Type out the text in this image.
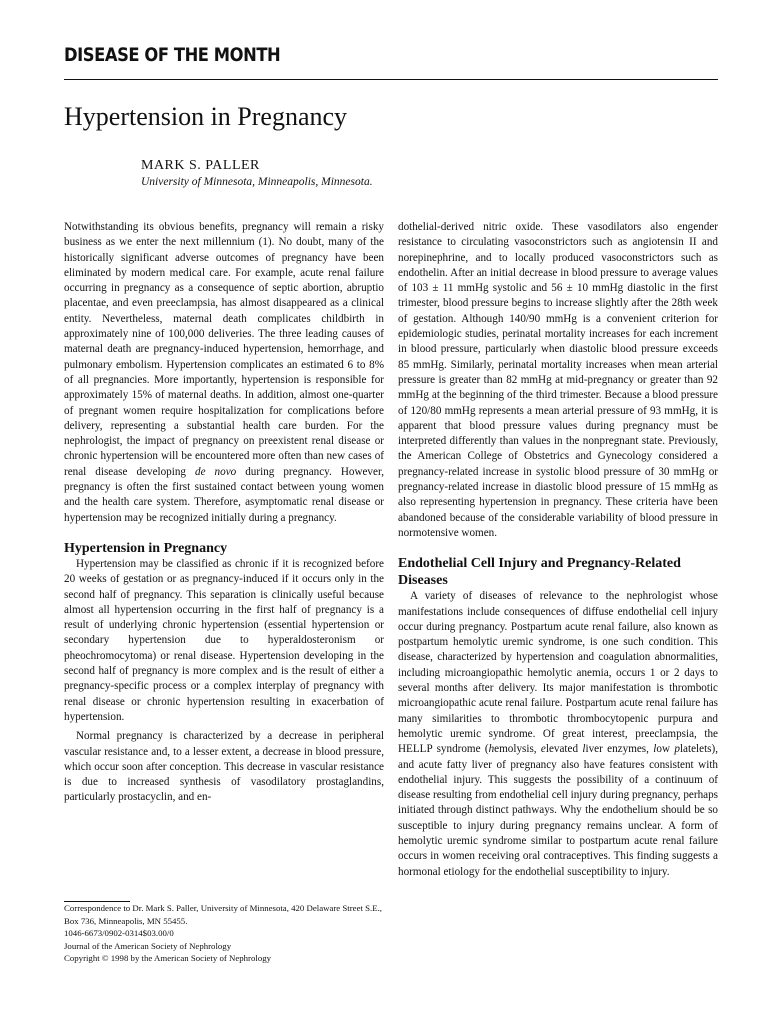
DISEASE OF THE MONTH
Hypertension in Pregnancy
MARK S. PALLER
University of Minnesota, Minneapolis, Minnesota.

Notwithstanding its obvious benefits, pregnancy will remain a risky business as we enter the next millennium (1). No doubt, many of the historically significant adverse outcomes of pregnancy have been eliminated by modern medical care. For example, acute renal failure occurring in pregnancy as a consequence of septic abortion, abruptio placentae, and even preeclampsia, has almost disappeared as a clinical entity. Nevertheless, maternal death complicates childbirth in approximately nine of 100,000 deliveries. The three leading causes of maternal death are pregnancy-induced hypertension, hemorrhage, and pulmonary embolism. Hypertension complicates an estimated 6 to 8% of all pregnancies. More importantly, hypertension is responsible for approximately 15% of maternal deaths. In addition, almost one-quarter of pregnant women require hospitalization for complications before delivery, representing a substantial health care burden. For the nephrologist, the impact of pregnancy on preexistent renal disease or chronic hypertension will be encountered more often than new cases of renal disease developing de novo during pregnancy. However, pregnancy is often the first sustained contact between young women and the health care system. Therefore, asymptomatic renal disease or hypertension may be recognized initially during a pregnancy.

Hypertension in Pregnancy

Hypertension may be classified as chronic if it is recognized before 20 weeks of gestation or as pregnancy-induced if it occurs only in the second half of pregnancy. This separation is clinically useful because almost all hypertension occurring in the first half of pregnancy is a result of underlying chronic hypertension (essential hypertension or secondary hypertension due to hyperaldosteronism or pheochromocytoma) or renal disease. Hypertension developing in the second half of pregnancy is more complex and is the result of either a pregnancy-specific process or a complex interplay of pregnancy with renal disease or chronic hypertension resulting in exacerbation of hypertension.

Normal pregnancy is characterized by a decrease in peripheral vascular resistance and, to a lesser extent, a decrease in blood pressure, which occur soon after conception. This decrease in vascular resistance is due to increased synthesis of vasodilatory prostaglandins, particularly prostacyclin, and en-

Correspondence to Dr. Mark S. Paller, University of Minnesota, 420 Delaware Street S.E., Box 736, Minneapolis, MN 55455.
1046-6673/0902-0314$03.00/0
Journal of the American Society of Nephrology
Copyright © 1998 by the American Society of Nephrology

dothelial-derived nitric oxide. These vasodilators also engender resistance to circulating vasoconstrictors such as angiotensin II and norepinephrine, and to locally produced vasoconstrictors such as endothelin. After an initial decrease in blood pressure to average values of 103 ± 11 mmHg systolic and 56 ± 10 mmHg diastolic in the first trimester, blood pressure begins to increase slightly after the 28th week of gestation. Although 140/90 mmHg is a convenient criterion for epidemiologic studies, perinatal mortality increases for each increment in blood pressure, particularly when diastolic blood pressure exceeds 85 mmHg. Similarly, perinatal mortality increases when mean arterial pressure is greater than 82 mmHg at mid-pregnancy or greater than 92 mmHg at the beginning of the third trimester. Because a blood pressure of 120/80 mmHg represents a mean arterial pressure of 93 mmHg, it is apparent that blood pressure values during pregnancy must be interpreted differently than values in the nonpregnant state. Previously, the American College of Obstetrics and Gynecology considered a pregnancy-related increase in systolic blood pressure of 30 mmHg or pregnancy-related increase in diastolic blood pressure of 15 mmHg as also representing hypertension in pregnancy. These criteria have been abandoned because of the considerable variability of blood pressure in normotensive women.

Endothelial Cell Injury and Pregnancy-Related Diseases

A variety of diseases of relevance to the nephrologist whose manifestations include consequences of diffuse endothelial cell injury occur during pregnancy. Postpartum acute renal failure, also known as postpartum hemolytic uremic syndrome, is one such condition. This disease, characterized by hypertension and coagulation abnormalities, including microangiopathic hemolytic anemia, occurs 1 or 2 days to several months after delivery. Its major manifestation is thrombotic microangiopathic acute renal failure. Postpartum acute renal failure has many similarities to thrombotic thrombocytopenic purpura and hemolytic uremic syndrome. Of great interest, preeclampsia, the HELLP syndrome (hemolysis, elevated liver enzymes, low platelets), and acute fatty liver of pregnancy also have features consistent with endothelial injury. This suggests the possibility of a continuum of disease resulting from endothelial cell injury during pregnancy, perhaps initiated through distinct pathways. Why the endothelium should be so susceptible to injury during pregnancy remains unclear. A form of hemolytic uremic syndrome similar to postpartum acute renal failure occurs in women receiving oral contraceptives. This finding suggests a hormonal etiology for the endothelial susceptibility to injury.
